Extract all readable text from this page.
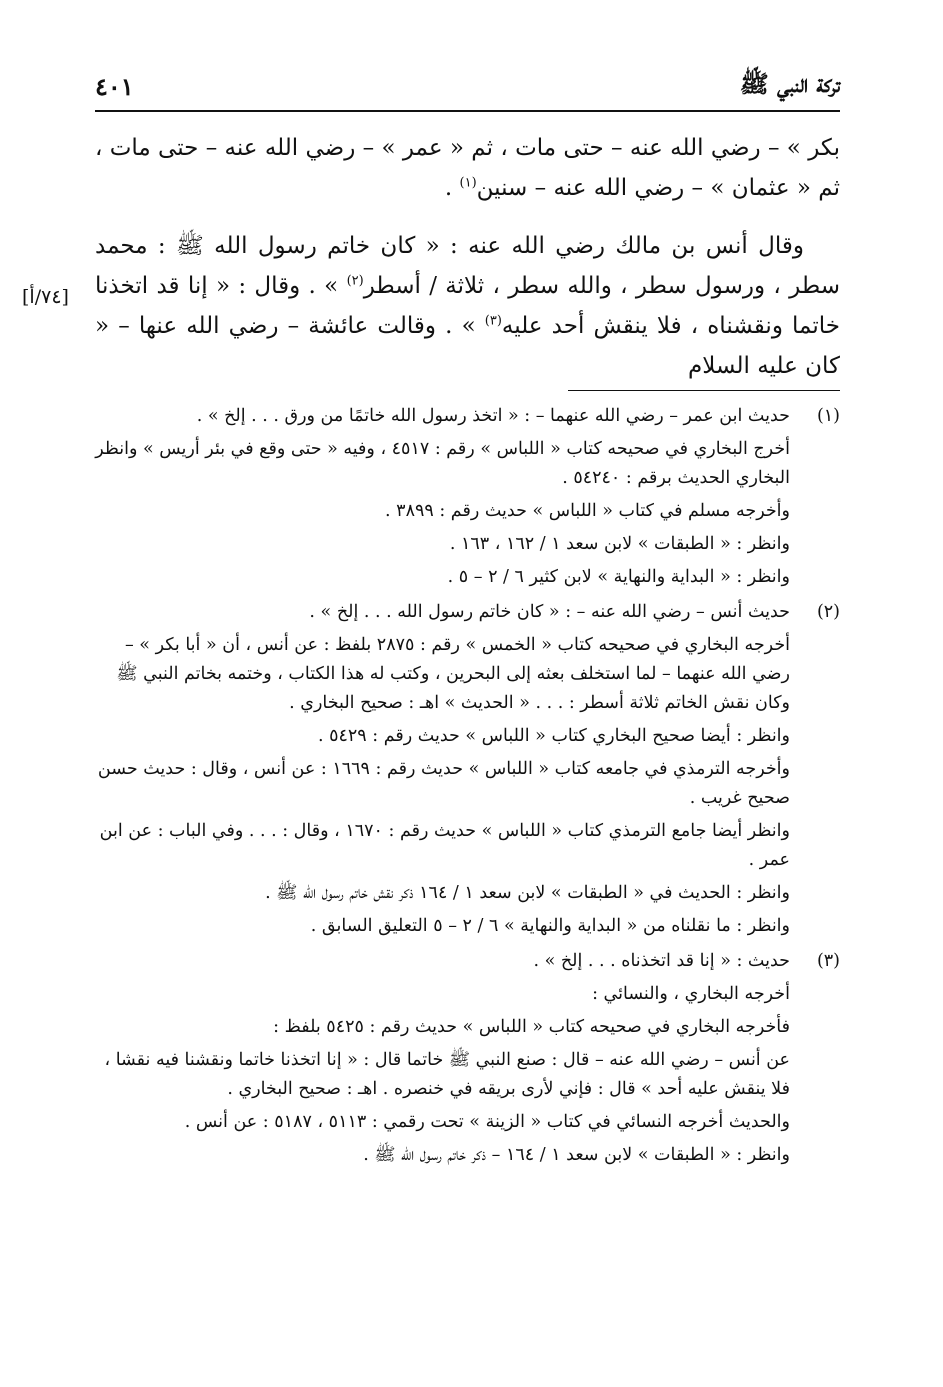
تركة النبي ﷺ
٤٠١

بكر » – رضي الله عنه – حتى مات ، ثم « عمر » – رضي الله عنه – حتى مات ، ثم « عثمان » – رضي الله عنه – سنين$^{(١)}$ .

وقال أنس بن مالك رضي الله عنه : « كان خاتم رسول الله ﷺ : محمد سطر ، ورسول سطر ، والله سطر ، ثلاثة / أسطر$^{(٢)}$ » . وقال : « إنا قد اتخذنا خاتما ونقشناه ، فلا ينقش أحد عليه$^{(٣)}$ » . وقالت عائشة – رضي الله عنها – « كان عليه السلام

[٧٤/أ]
(١)

حديث ابن عمر – رضي الله عنهما – : « اتخذ رسول الله خاتمًا من ورق . . . إلخ » .

أخرج البخاري في صحيحه كتاب « اللباس » رقم : ٤٥١٧ ، وفيه « حتى وقع في بئر أريس » وانظر البخاري الحديث برقم : ٥٤٢٤٠ .

وأخرجه مسلم في كتاب « اللباس » حديث رقم : ٣٨٩٩ .

وانظر : « الطبقات » لابن سعد ١ / ١٦٢ ، ١٦٣ .

وانظر : « البداية والنهاية » لابن كثير ٦ / ٢ – ٥ .

(٢)

حديث أنس – رضي الله عنه – : « كان خاتم رسول الله . . . إلخ » .

أخرجه البخاري في صحيحه كتاب « الخمس » رقم : ٢٨٧٥ بلفظ : عن أنس ، أن « أبا بكر » – رضي الله عنهما – لما استخلف بعثه إلى البحرين ، وكتب له هذا الكتاب ، وختمه بخاتم النبي ﷺ وكان نقش الخاتم ثلاثة أسطر : . . . « الحديث » اهـ : صحيح البخاري .

وانظر : أيضا صحيح البخاري كتاب « اللباس » حديث رقم : ٥٤٢٩ .

وأخرجه الترمذي في جامعه كتاب « اللباس » حديث رقم : ١٦٦٩ : عن أنس ، وقال : حديث حسن صحيح غريب .

وانظر أيضا جامع الترمذي كتاب « اللباس » حديث رقم : ١٦٧٠ ، وقال : . . . وفي الباب : عن ابن عمر .

وانظر : الحديث في « الطبقات » لابن سعد ١ / ١٦٤ ذكر نقش خاتم رسول الله ﷺ .

وانظر : ما نقلناه من « البداية والنهاية » ٦ / ٢ – ٥ التعليق السابق .

(٣)

حديث : « إنا قد اتخذناه . . . إلخ » .

أخرجه البخاري ، والنسائي :

فأخرجه البخاري في صحيحه كتاب « اللباس » حديث رقم : ٥٤٢٥ بلفظ :

عن أنس – رضي الله عنه – قال : صنع النبي ﷺ خاتما قال : « إنا اتخذنا خاتما ونقشنا فيه نقشا ، فلا ينقش عليه أحد » قال : فإني لأرى بريقه في خنصره . اهـ : صحيح البخاري .

والحديث أخرجه النسائي في كتاب « الزينة » تحت رقمي : ٥١١٣ ، ٥١٨٧ : عن أنس .

وانظر : « الطبقات » لابن سعد ١ / ١٦٤ – ذكر خاتم رسول الله ﷺ .
